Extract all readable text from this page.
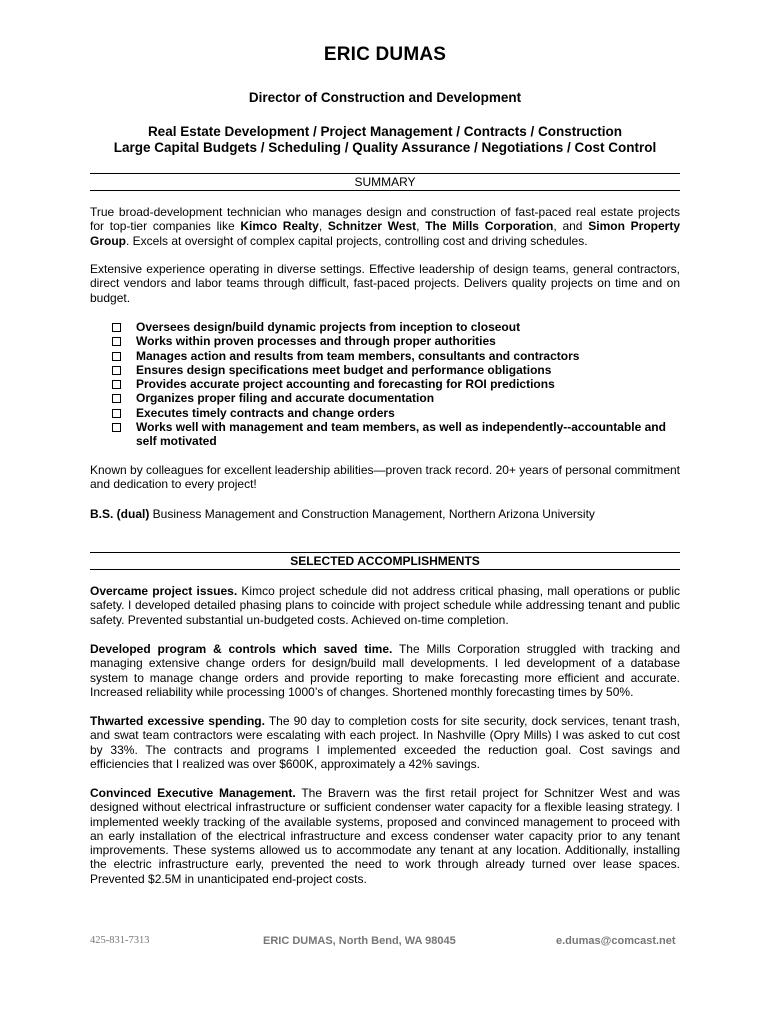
ERIC DUMAS
Director of Construction and Development
Real Estate Development / Project Management / Contracts / Construction
Large Capital Budgets / Scheduling / Quality Assurance / Negotiations / Cost Control
SUMMARY
True broad-development technician who manages design and construction of fast-paced real estate projects for top-tier companies like Kimco Realty, Schnitzer West, The Mills Corporation, and Simon Property Group. Excels at oversight of complex capital projects, controlling cost and driving schedules.
Extensive experience operating in diverse settings. Effective leadership of design teams, general contractors, direct vendors and labor teams through difficult, fast-paced projects. Delivers quality projects on time and on budget.
Oversees design/build dynamic projects from inception to closeout
Works within proven processes and through proper authorities
Manages action and results from team members, consultants and contractors
Ensures design specifications meet budget and performance obligations
Provides accurate project accounting and forecasting for ROI predictions
Organizes proper filing and accurate documentation
Executes timely contracts and change orders
Works well with management and team members, as well as independently--accountable and self motivated
Known by colleagues for excellent leadership abilities—proven track record. 20+ years of personal commitment and dedication to every project!
B.S. (dual) Business Management and Construction Management, Northern Arizona University
SELECTED ACCOMPLISHMENTS
Overcame project issues. Kimco project schedule did not address critical phasing, mall operations or public safety. I developed detailed phasing plans to coincide with project schedule while addressing tenant and public safety. Prevented substantial un-budgeted costs. Achieved on-time completion.
Developed program & controls which saved time. The Mills Corporation struggled with tracking and managing extensive change orders for design/build mall developments. I led development of a database system to manage change orders and provide reporting to make forecasting more efficient and accurate. Increased reliability while processing 1000’s of changes. Shortened monthly forecasting times by 50%.
Thwarted excessive spending. The 90 day to completion costs for site security, dock services, tenant trash, and swat team contractors were escalating with each project. In Nashville (Opry Mills) I was asked to cut cost by 33%. The contracts and programs I implemented exceeded the reduction goal. Cost savings and efficiencies that I realized was over $600K, approximately a 42% savings.
Convinced Executive Management. The Bravern was the first retail project for Schnitzer West and was designed without electrical infrastructure or sufficient condenser water capacity for a flexible leasing strategy. I implemented weekly tracking of the available systems, proposed and convinced management to proceed with an early installation of the electrical infrastructure and excess condenser water capacity prior to any tenant improvements. These systems allowed us to accommodate any tenant at any location. Additionally, installing the electric infrastructure early, prevented the need to work through already turned over lease spaces. Prevented $2.5M in unanticipated end-project costs.
425-831-7313	ERIC DUMAS, North Bend, WA 98045	e.dumas@comcast.net
